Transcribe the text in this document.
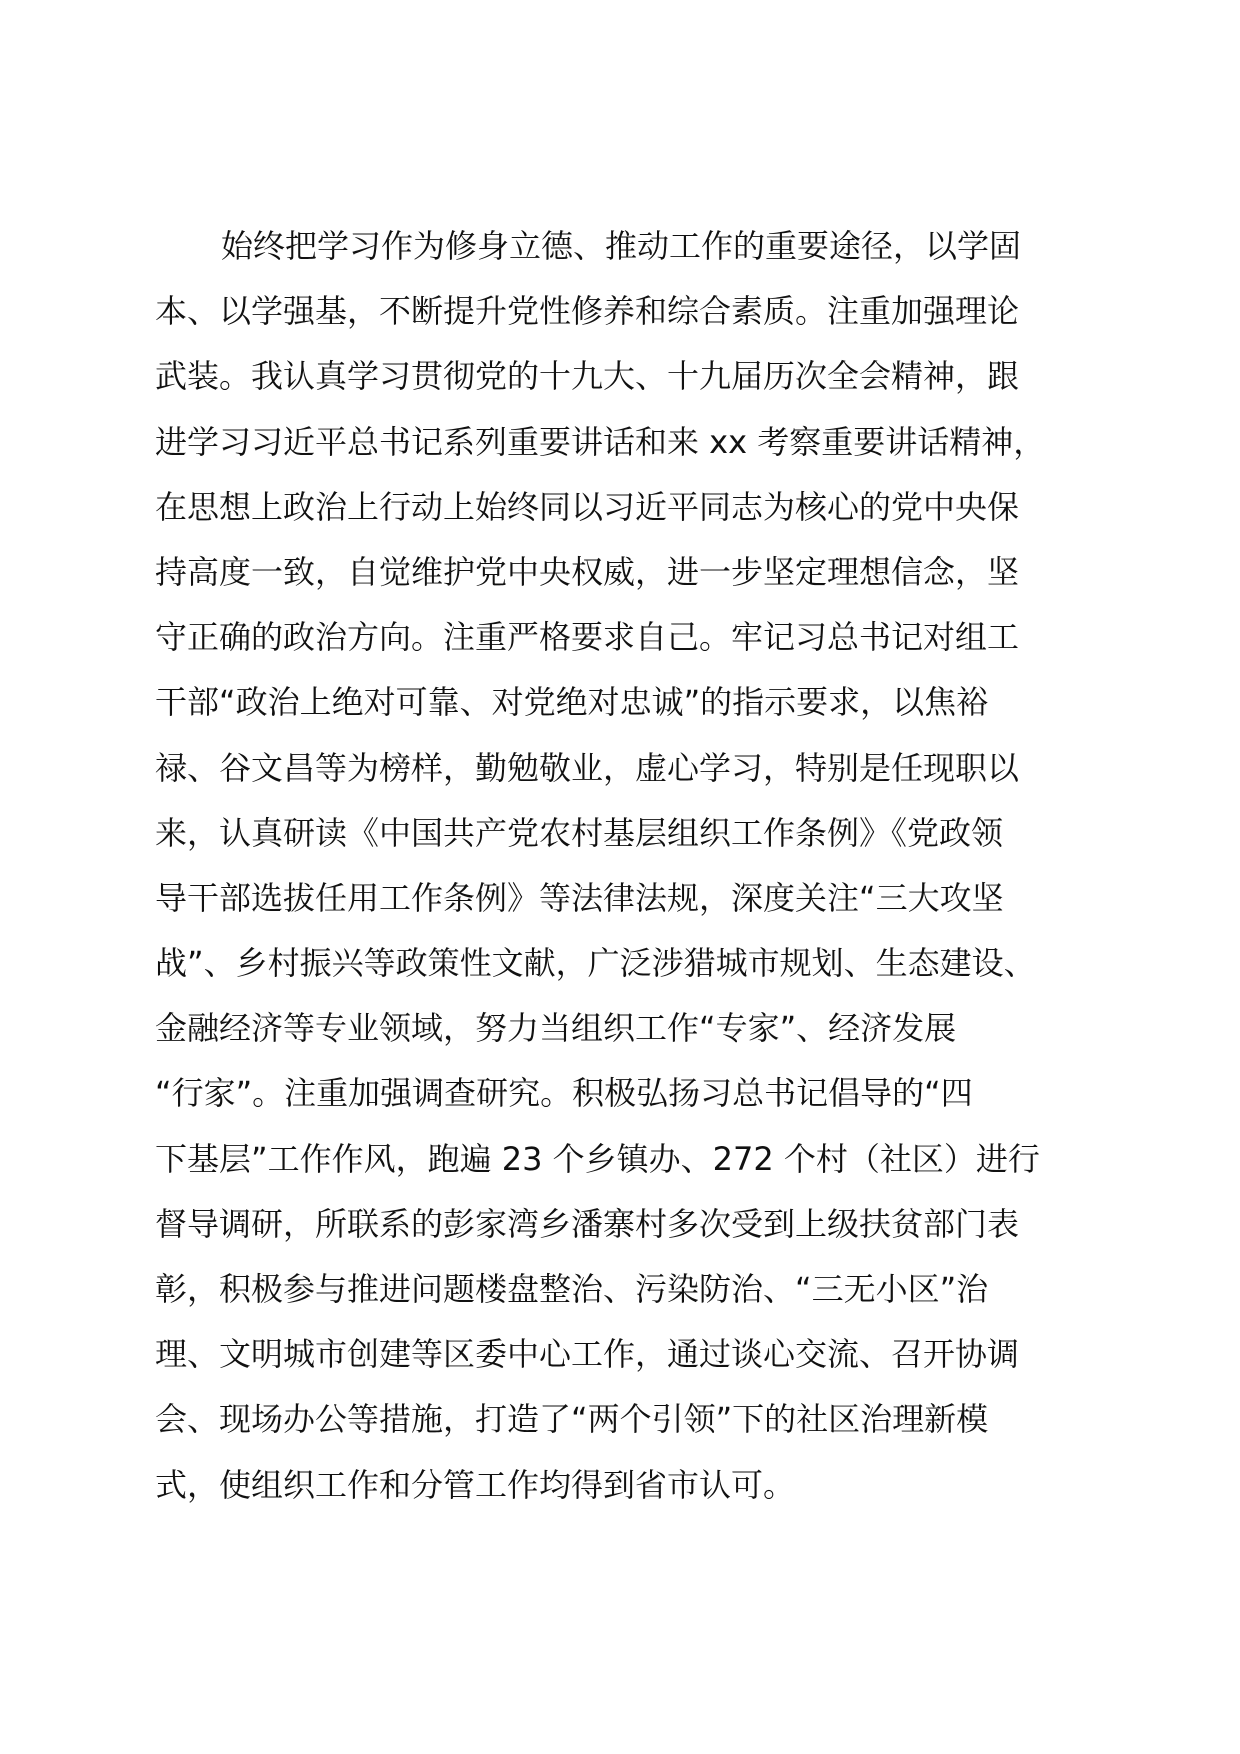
始终把学习作为修身立德、推动工作的重要途径，以学固
本、以学强基，不断提升党性修养和综合素质。注重加强理论
武装。我认真学习贯彻党的十九大、十九届历次全会精神，跟
进学习习近平总书记系列重要讲话和来 xx 考察重要讲话精神，
在思想上政治上行动上始终同以习近平同志为核心的党中央保
持高度一致，自觉维护党中央权威，进一步坚定理想信念，坚
守正确的政治方向。注重严格要求自己。牢记习总书记对组工
干部“政治上绝对可靠、对党绝对忠诚”的指示要求，以焦裕
禄、谷文昌等为榜样，勤勉敬业，虚心学习，特别是任现职以
来，认真研读《中国共产党农村基层组织工作条例》《党政领
导干部选拔任用工作条例》等法律法规，深度关注“三大攻坚
战”、乡村振兴等政策性文献，广泛涉猎城市规划、生态建设、
金融经济等专业领域，努力当组织工作“专家”、经济发展
“行家”。注重加强调查研究。积极弘扬习总书记倡导的“四
下基层”工作作风，跑遍 23 个乡镇办、272 个村（社区）进行
督导调研，所联系的彭家湾乡潘寨村多次受到上级扶贫部门表
彰，积极参与推进问题楼盘整治、污染防治、“三无小区”治
理、文明城市创建等区委中心工作，通过谈心交流、召开协调
会、现场办公等措施，打造了“两个引领”下的社区治理新模
式，使组织工作和分管工作均得到省市认可。
